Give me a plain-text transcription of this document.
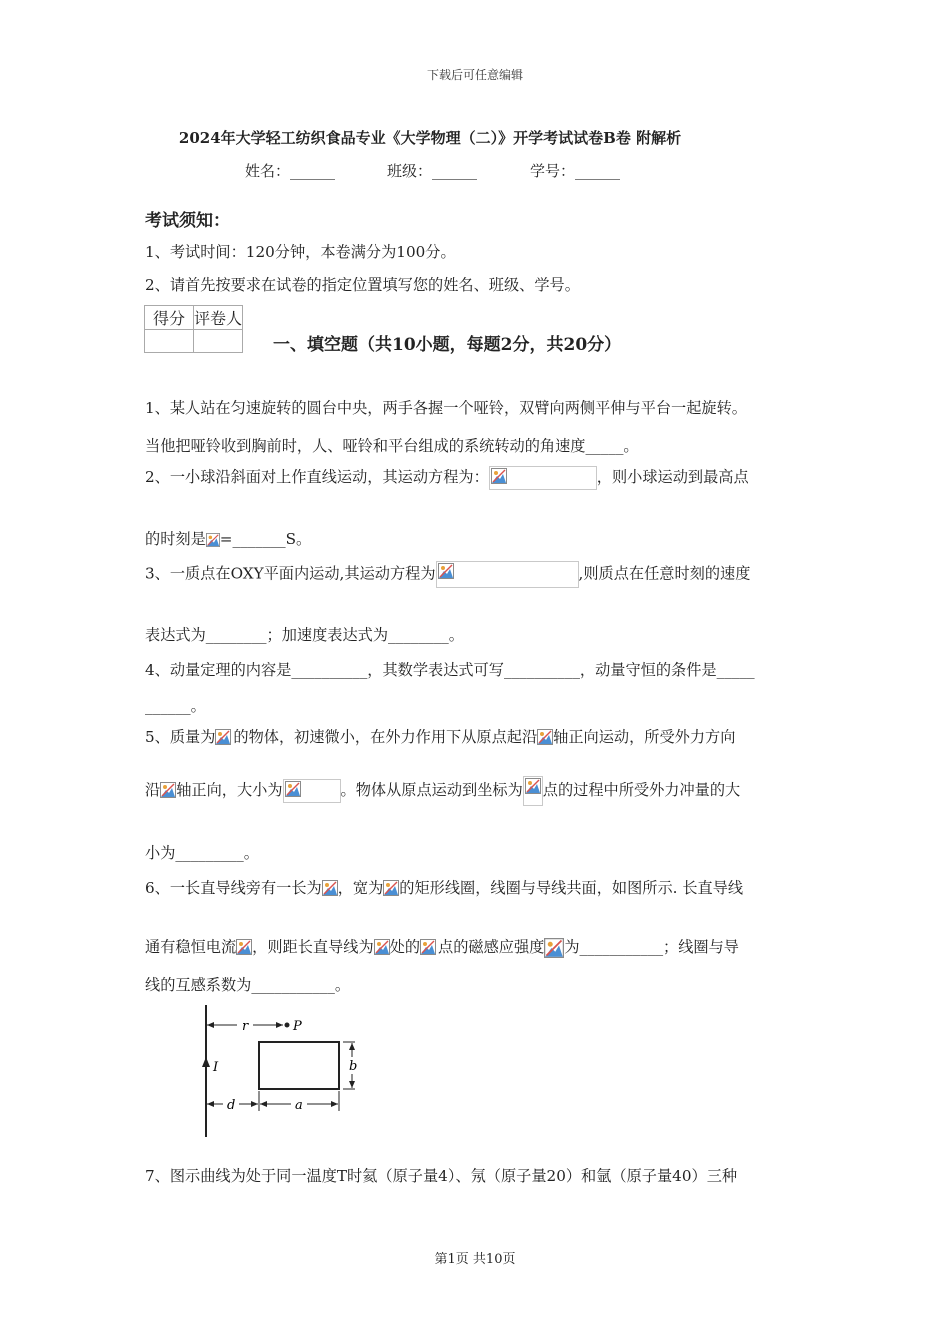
下载后可任意编辑
2024年大学轻工纺织食品专业《大学物理（二）》开学考试试卷B卷 附解析
姓名：______	班级：______	学号：______
考试须知：
1、考试时间：120分钟，本卷满分为100分。
2、请首先按要求在试卷的指定位置填写您的姓名、班级、学号。
得分	评卷人

一、填空题（共10小题，每题2分，共20分）
1、某人站在匀速旋转的圆台中央，两手各握一个哑铃，双臂向两侧平伸与平台一起旋转。
当他把哑铃收到胸前时，人、哑铃和平台组成的系统转动的角速度_____。
2、一小球沿斜面对上作直线运动，其运动方程为：	，则小球运动到最高点
的时刻是 =_______S。
3、一质点在OXY平面内运动,其运动方程为	,则质点在任意时刻的速度
表达式为________；加速度表达式为________。
4、动量定理的内容是__________，其数学表达式可写__________，动量守恒的条件是_____
______。
5、质量为 的物体，初速微小，在外力作用下从原点起沿 轴正向运动，所受外力方向
沿 轴正向，大小为	。物体从原点运动到坐标为 点的过程中所受外力冲量的大
小为_________。
6、一长直导线旁有一长为 ，宽为 的矩形线圈，线圈与导线共面，如图所示. 长直导线
通有稳恒电流 ，则距长直导线为 处的 点的磁感应强度 为___________；线圈与导
线的互感系数为___________。
I
r	P
b
d	a
7、图示曲线为处于同一温度T时氦（原子量4）、氖（原子量20）和氩（原子量40）三种
第1页 共10页
